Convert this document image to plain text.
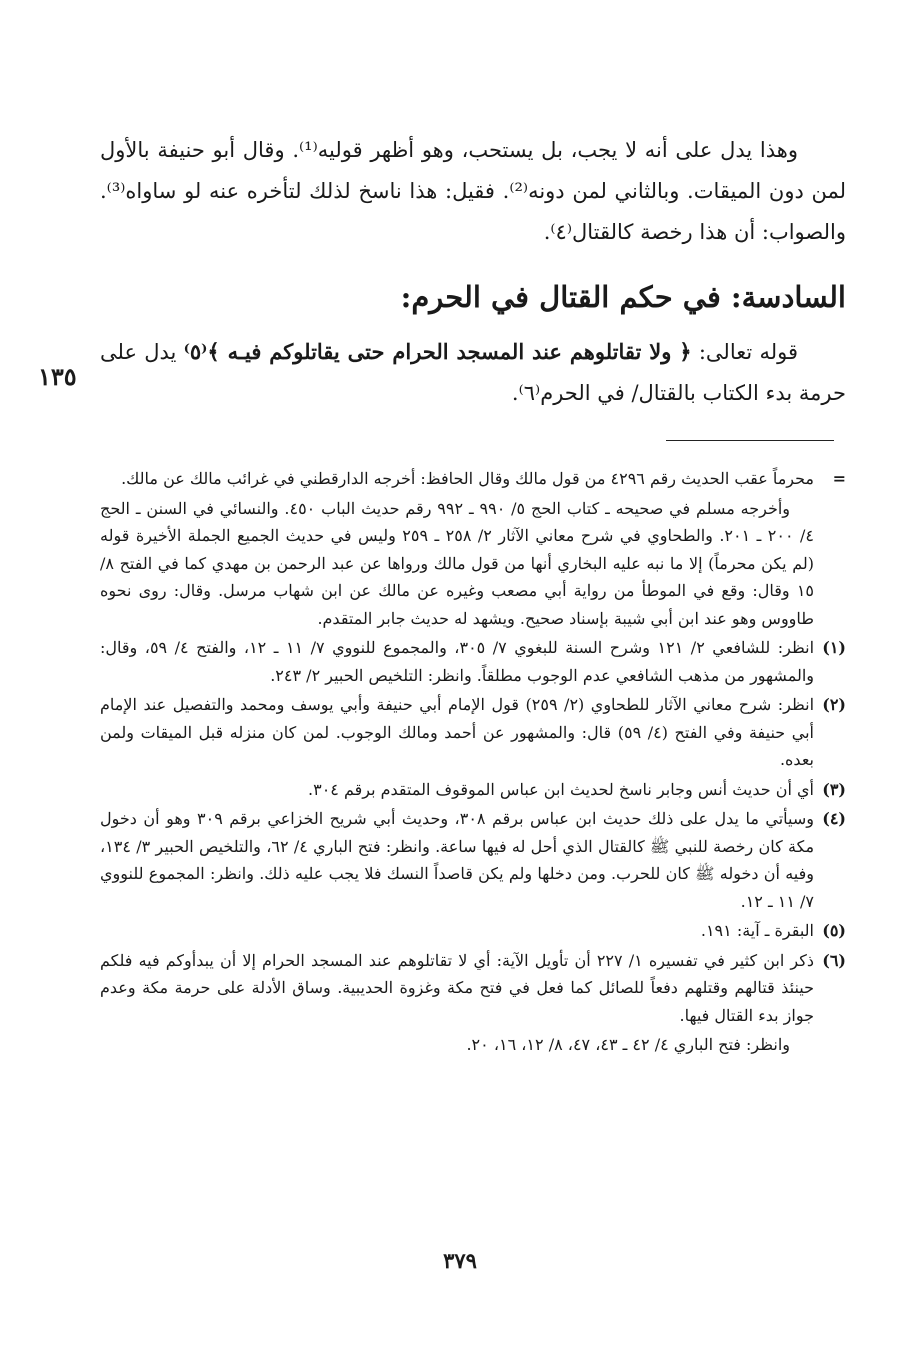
١٣٥

وهذا يدل على أنه لا يجب، بل يستحب، وهو أظهر قوليه⁽¹⁾. وقال أبو حنيفة بالأول لمن دون الميقات. وبالثاني لمن دونه⁽²⁾. فقيل: هذا ناسخ لذلك لتأخره عنه لو ساواه⁽³⁾. والصواب: أن هذا رخصة كالقتال⁽٤⁾.

السادسة: في حكم القتال في الحرم:

قوله تعالى: ﴿ ولا تقاتلوهم عند المسجد الحرام حتى يقاتلوكم فيـه ﴾⁽٥⁾ يدل على حرمة بدء الكتاب بالقتال/ في الحرم⁽٦⁾.

=
محرماً عقب الحديث رقم ٤٢٩٦ من قول مالك وقال الحافظ: أخرجه الدارقطني في غرائب مالك عن مالك.

وأخرجه مسلم في صحيحه ـ كتاب الحج ٥/ ٩٩٠ ـ ٩٩٢ رقم حديث الباب ٤٥٠. والنسائي في السنن ـ الحج ٤/ ٢٠٠ ـ ٢٠١. والطحاوي في شرح معاني الآثار ٢/ ٢٥٨ ـ ٢٥٩ وليس في حديث الجميع الجملة الأخيرة قوله (لم يكن محرماً) إلا ما نبه عليه البخاري أنها من قول مالك ورواها عن عبد الرحمن بن مهدي كما في الفتح ٨/ ١٥ وقال: وقع في الموطأ من رواية أبي مصعب وغيره عن مالك عن ابن شهاب مرسل. وقال: روى نحوه طاووس وهو عند ابن أبي شيبة بإسناد صحيح. ويشهد له حديث جابر المتقدم.

(١)
انظر: للشافعي ٢/ ١٢١ وشرح السنة للبغوي ٧/ ٣٠٥، والمجموع للنووي ٧/ ١١ ـ ١٢، والفتح ٤/ ٥٩، وقال: والمشهور من مذهب الشافعي عدم الوجوب مطلقاً. وانظر: التلخيص الحبير ٢/ ٢٤٣.

(٢)
انظر: شرح معاني الآثار للطحاوي (٢/ ٢٥٩) قول الإمام أبي حنيفة وأبي يوسف ومحمد والتفصيل عند الإمام أبي حنيفة وفي الفتح (٤/ ٥٩) قال: والمشهور عن أحمد ومالك الوجوب. لمن كان منزله قبل الميقات ولمن بعده.

(٣)
أي أن حديث أنس وجابر ناسخ لحديث ابن عباس الموقوف المتقدم برقم ٣٠٤.

(٤)
وسيأتي ما يدل على ذلك حديث ابن عباس برقم ٣٠٨، وحديث أبي شريح الخزاعي برقم ٣٠٩ وهو أن دخول مكة كان رخصة للنبي ﷺ كالقتال الذي أحل له فيها ساعة. وانظر: فتح الباري ٤/ ٦٢، والتلخيص الحبير ٣/ ١٣٤، وفيه أن دخوله ﷺ كان للحرب. ومن دخلها ولم يكن قاصداً النسك فلا يجب عليه ذلك. وانظر: المجموع للنووي ٧/ ١١ ـ ١٢.

(٥)
البقرة ـ آية: ١٩١.

(٦)
ذكر ابن كثير في تفسيره ١/ ٢٢٧ أن تأويل الآية: أي لا تقاتلوهم عند المسجد الحرام إلا أن يبدأوكم فيه فلكم حينئذ قتالهم وقتلهم دفعاً للصائل كما فعل في فتح مكة وغزوة الحديبية. وساق الأدلة على حرمة مكة وعدم جواز بدء القتال فيها.

وانظر: فتح الباري ٤/ ٤٢ ـ ٤٣، ٤٧، ٨/ ١٢، ١٦، ٢٠.

٣٧٩
